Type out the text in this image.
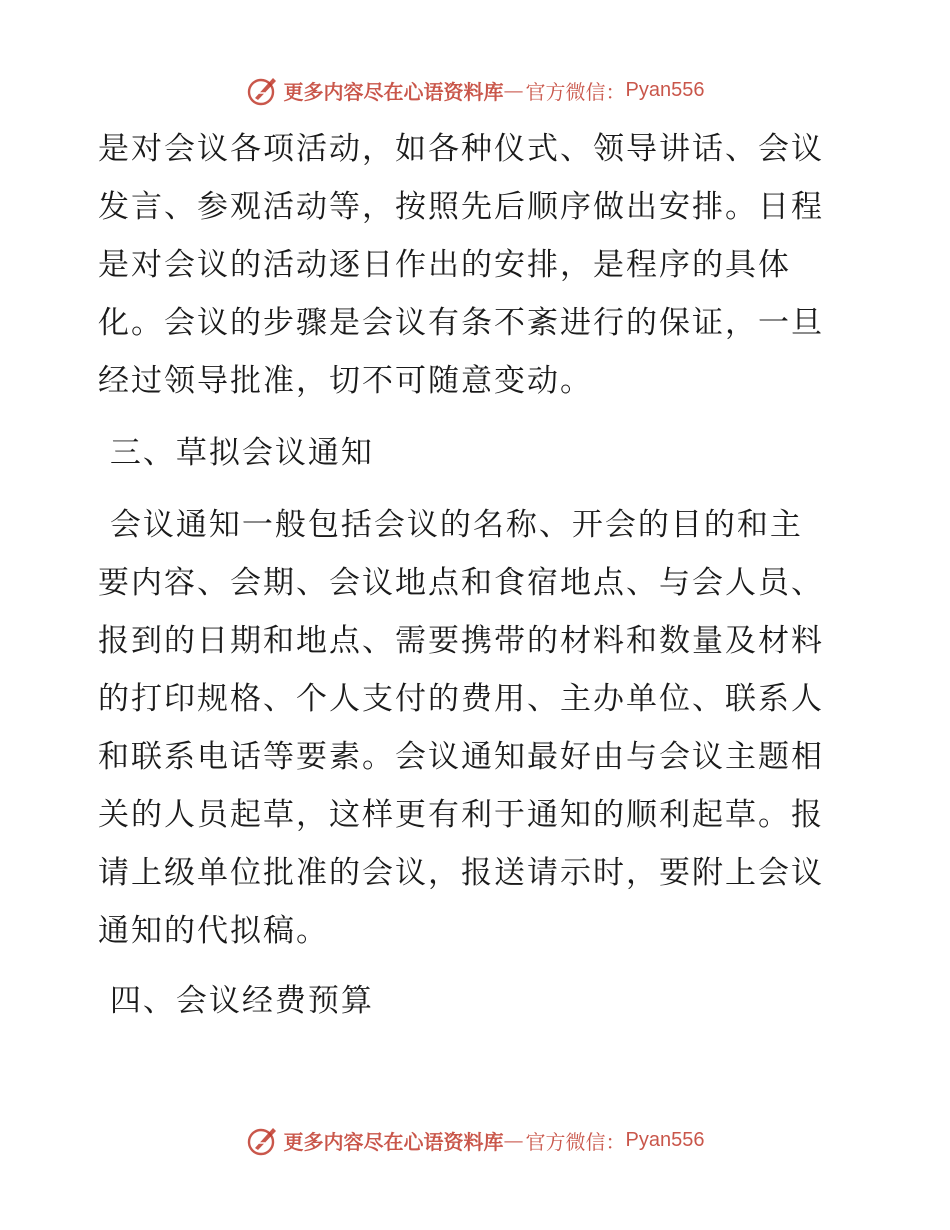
更多内容尽在心语资料库 — 官方微信： Pyan556

是对会议各项活动，如各种仪式、领导讲话、会议

发言、参观活动等，按照先后顺序做出安排。日程

是对会议的活动逐日作出的安排，是程序的具体

化。会议的步骤是会议有条不紊进行的保证，一旦

经过领导批准，切不可随意变动。

三、草拟会议通知

会议通知一般包括会议的名称、开会的目的和主

要内容、会期、会议地点和食宿地点、与会人员、

报到的日期和地点、需要携带的材料和数量及材料

的打印规格、个人支付的费用、主办单位、联系人

和联系电话等要素。会议通知最好由与会议主题相

关的人员起草，这样更有利于通知的顺利起草。报

请上级单位批准的会议，报送请示时，要附上会议

通知的代拟稿。

四、会议经费预算

更多内容尽在心语资料库 — 官方微信： Pyan556
